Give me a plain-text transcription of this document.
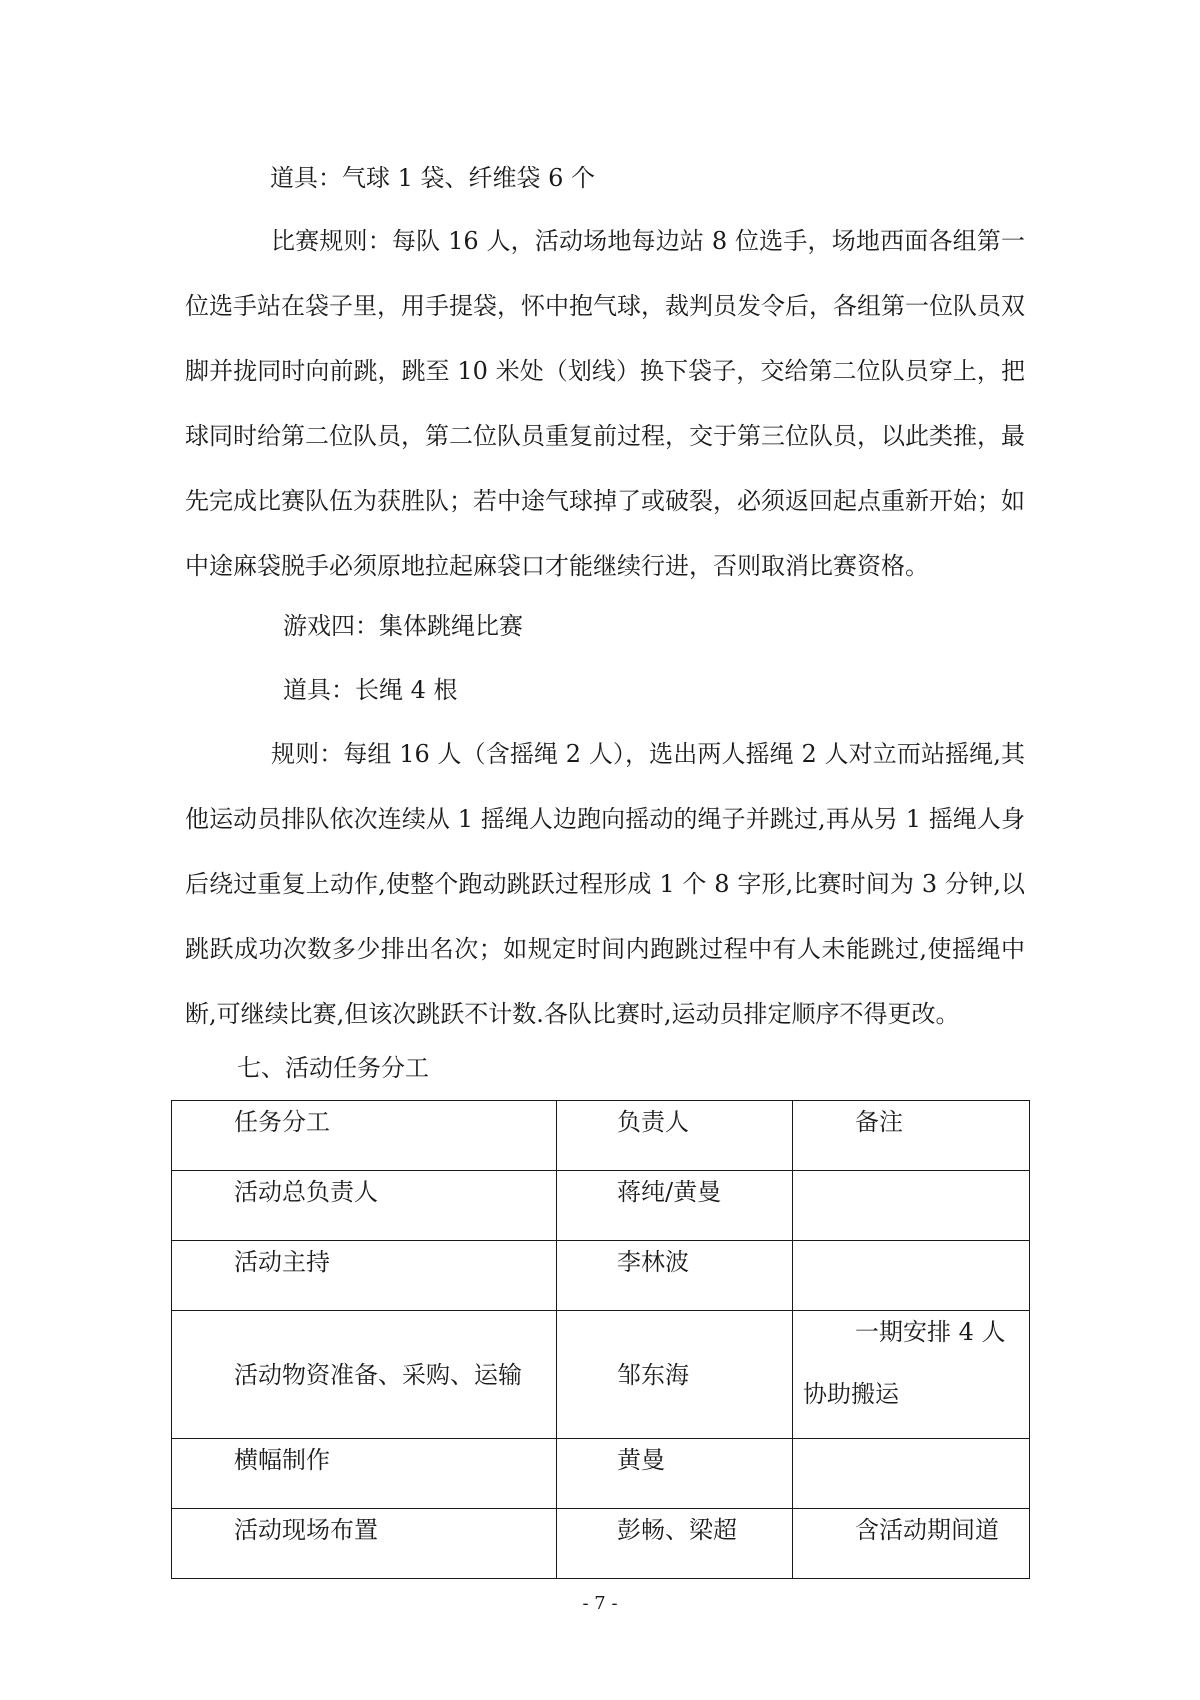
道具：气球 1 袋、纤维袋 6 个

比赛规则：每队 16 人，活动场地每边站 8 位选手，场地西面各组第一位选手站在袋子里，用手提袋，怀中抱气球，裁判员发令后，各组第一位队员双脚并拢同时向前跳，跳至 10 米处（划线）换下袋子，交给第二位队员穿上，把球同时给第二位队员，第二位队员重复前过程，交于第三位队员，以此类推，最先完成比赛队伍为获胜队；若中途气球掉了或破裂，必须返回起点重新开始；如中途麻袋脱手必须原地拉起麻袋口才能继续行进，否则取消比赛资格。

游戏四：集体跳绳比赛

道具：长绳 4 根

规则：每组 16 人（含摇绳 2 人），选出两人摇绳 2 人对立而站摇绳,其他运动员排队依次连续从 1 摇绳人边跑向摇动的绳子并跳过,再从另 1 摇绳人身后绕过重复上动作,使整个跑动跳跃过程形成 1 个 8 字形,比赛时间为 3 分钟,以跳跃成功次数多少排出名次；如规定时间内跑跳过程中有人未能跳过,使摇绳中断,可继续比赛,但该次跳跃不计数.各队比赛时,运动员排定顺序不得更改。

七、活动任务分工

任务分工	负责人	备注
活动总负责人	蒋纯/黄曼	
活动主持	李林波	
活动物资准备、采购、运输	邹东海	一期安排 4 人
协助搬运

横幅制作	黄曼	
活动现场布置	彭畅、梁超	含活动期间道
- 7 -
